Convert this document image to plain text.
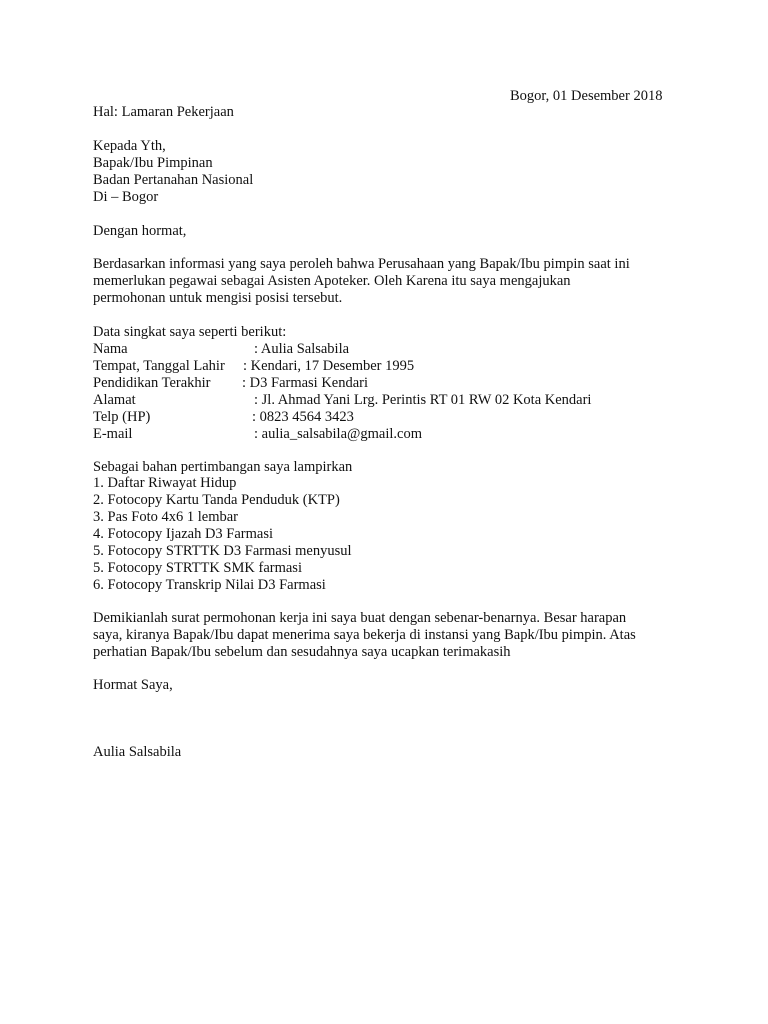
Bogor, 01 Desember 2018
Hal: Lamaran Pekerjaan
Kepada Yth,
Bapak/Ibu Pimpinan
Badan Pertanahan Nasional
Di – Bogor
Dengan hormat,
Berdasarkan informasi yang saya peroleh bahwa Perusahaan yang Bapak/Ibu pimpin saat ini
memerlukan pegawai sebagai Asisten Apoteker. Oleh Karena itu saya mengajukan
permohonan untuk mengisi posisi tersebut.
Data singkat saya seperti berikut:
Nama	: Aulia Salsabila
Tempat, Tanggal Lahir : Kendari, 17 Desember 1995
Pendidikan Terakhir : D3 Farmasi Kendari
Alamat	: Jl. Ahmad Yani Lrg. Perintis RT 01 RW 02 Kota Kendari
Telp (HP)	: 0823 4564 3423
E-mail	: aulia_salsabila@gmail.com
Sebagai bahan pertimbangan saya lampirkan
1. Daftar Riwayat Hidup
2. Fotocopy Kartu Tanda Penduduk (KTP)
3. Pas Foto 4x6 1 lembar
4. Fotocopy Ijazah D3 Farmasi
5. Fotocopy STRTTK D3 Farmasi menyusul
5. Fotocopy STRTTK SMK farmasi
6. Fotocopy Transkrip Nilai D3 Farmasi
Demikianlah surat permohonan kerja ini saya buat dengan sebenar-benarnya. Besar harapan
saya, kiranya Bapak/Ibu dapat menerima saya bekerja di instansi yang Bapk/Ibu pimpin. Atas
perhatian Bapak/Ibu sebelum dan sesudahnya saya ucapkan terimakasih
Hormat Saya,
Aulia Salsabila
